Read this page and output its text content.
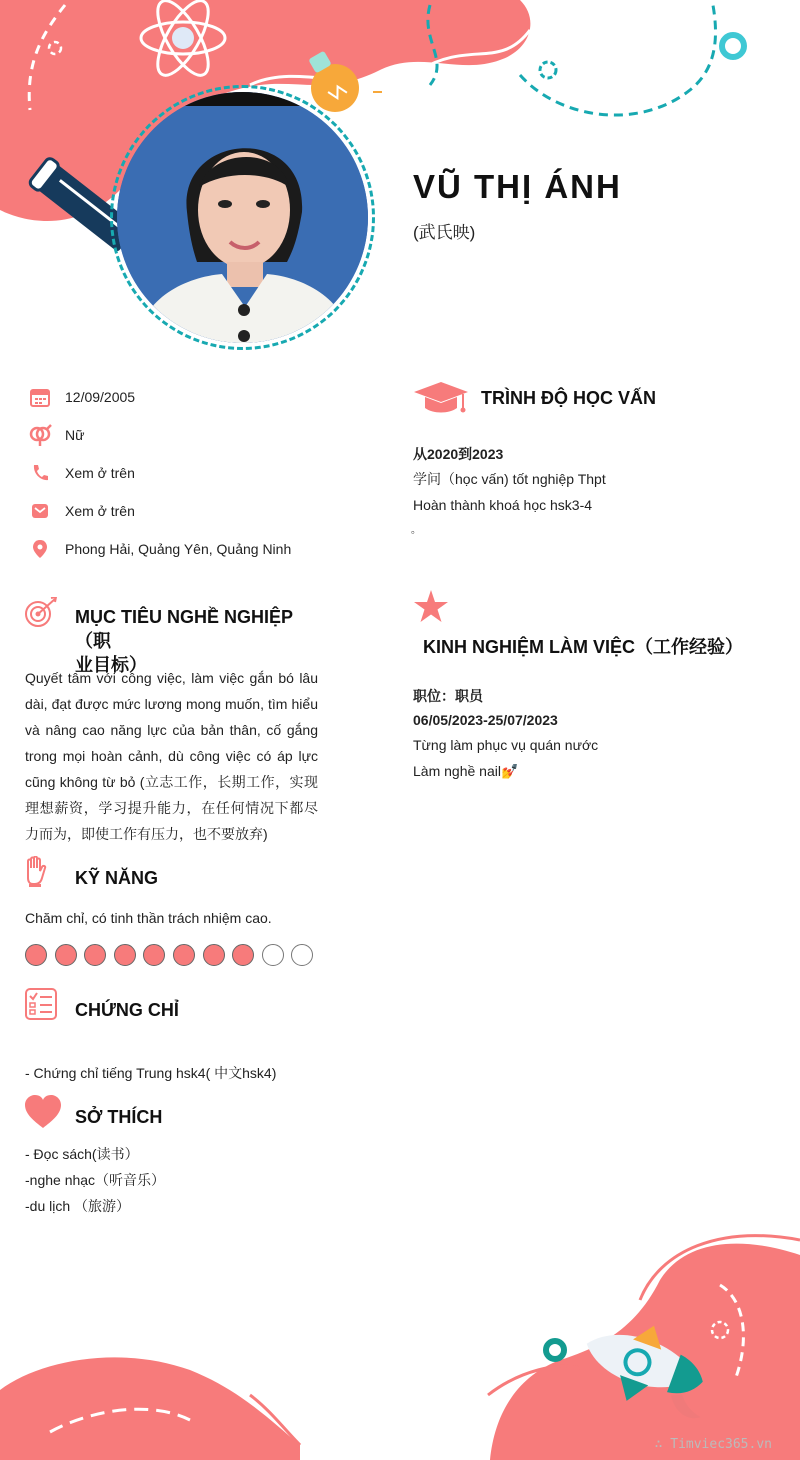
VŨ THỊ ÁNH
(武氏映)
12/09/2005
Nữ
Xem ở trên
Xem ở trên
Phong Hải, Quảng Yên, Quảng Ninh
MỤC TIÊU NGHỀ NGHIỆP（职
业目标）
Quyết tâm với công việc, làm việc gắn bó lâu
dài, đạt được mức lương mong muốn, tìm hiểu
và nâng cao năng lực của bản thân, cố gắng
trong mọi hoàn cảnh, dù công việc có áp lực
cũng không từ bỏ (立志工作，长期工作，实现
理想薪资，学习提升能力，在任何情况下都尽
力而为，即使工作有压力，也不要放弃)
KỸ NĂNG
Chăm chỉ, có tinh thần trách nhiệm cao.
CHỨNG CHỈ
- Chứng chỉ tiếng Trung hsk4( 中文hsk4)
SỞ THÍCH
- Đọc sách(读书）
-nghe nhạc（听音乐）
-du lịch （旅游）
TRÌNH ĐỘ HỌC VẤN
从2020到2023
学问（học vấn) tốt nghiệp Thpt
Hoàn thành khoá học hsk3-4
。
KINH NGHIỆM LÀM VIỆC（工作经验）
职位：职员
06/05/2023-25/07/2023
Từng làm phục vụ quán nước
Làm nghề nail💅
∴ Timviec365.vn
